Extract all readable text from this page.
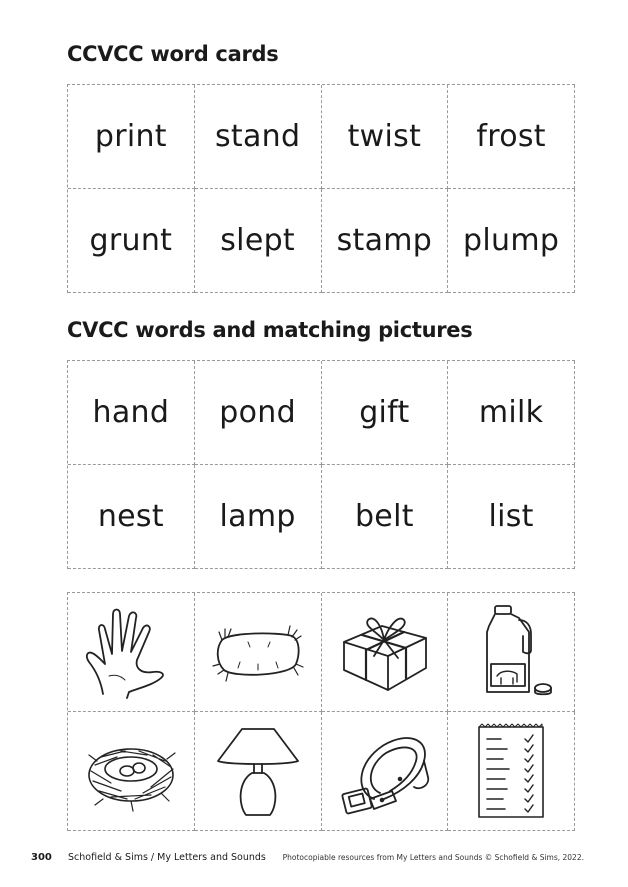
CCVCC word cards
print stand twist frost
grunt slept stamp plump
CVCC words and matching pictures
hand pond gift milk
nest lamp belt list
300 Schofield & Sims / My Letters and Sounds Photocopiable resources from My Letters and Sounds © Schofield & Sims, 2022.
